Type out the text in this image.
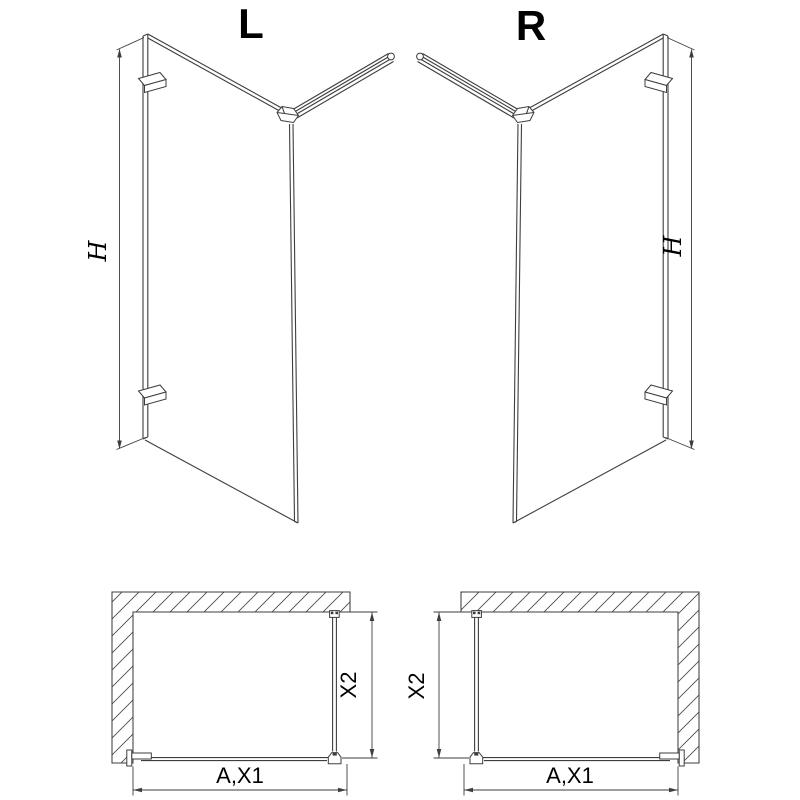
L	R
H	H
A,X1	A,X1
X2 X2
